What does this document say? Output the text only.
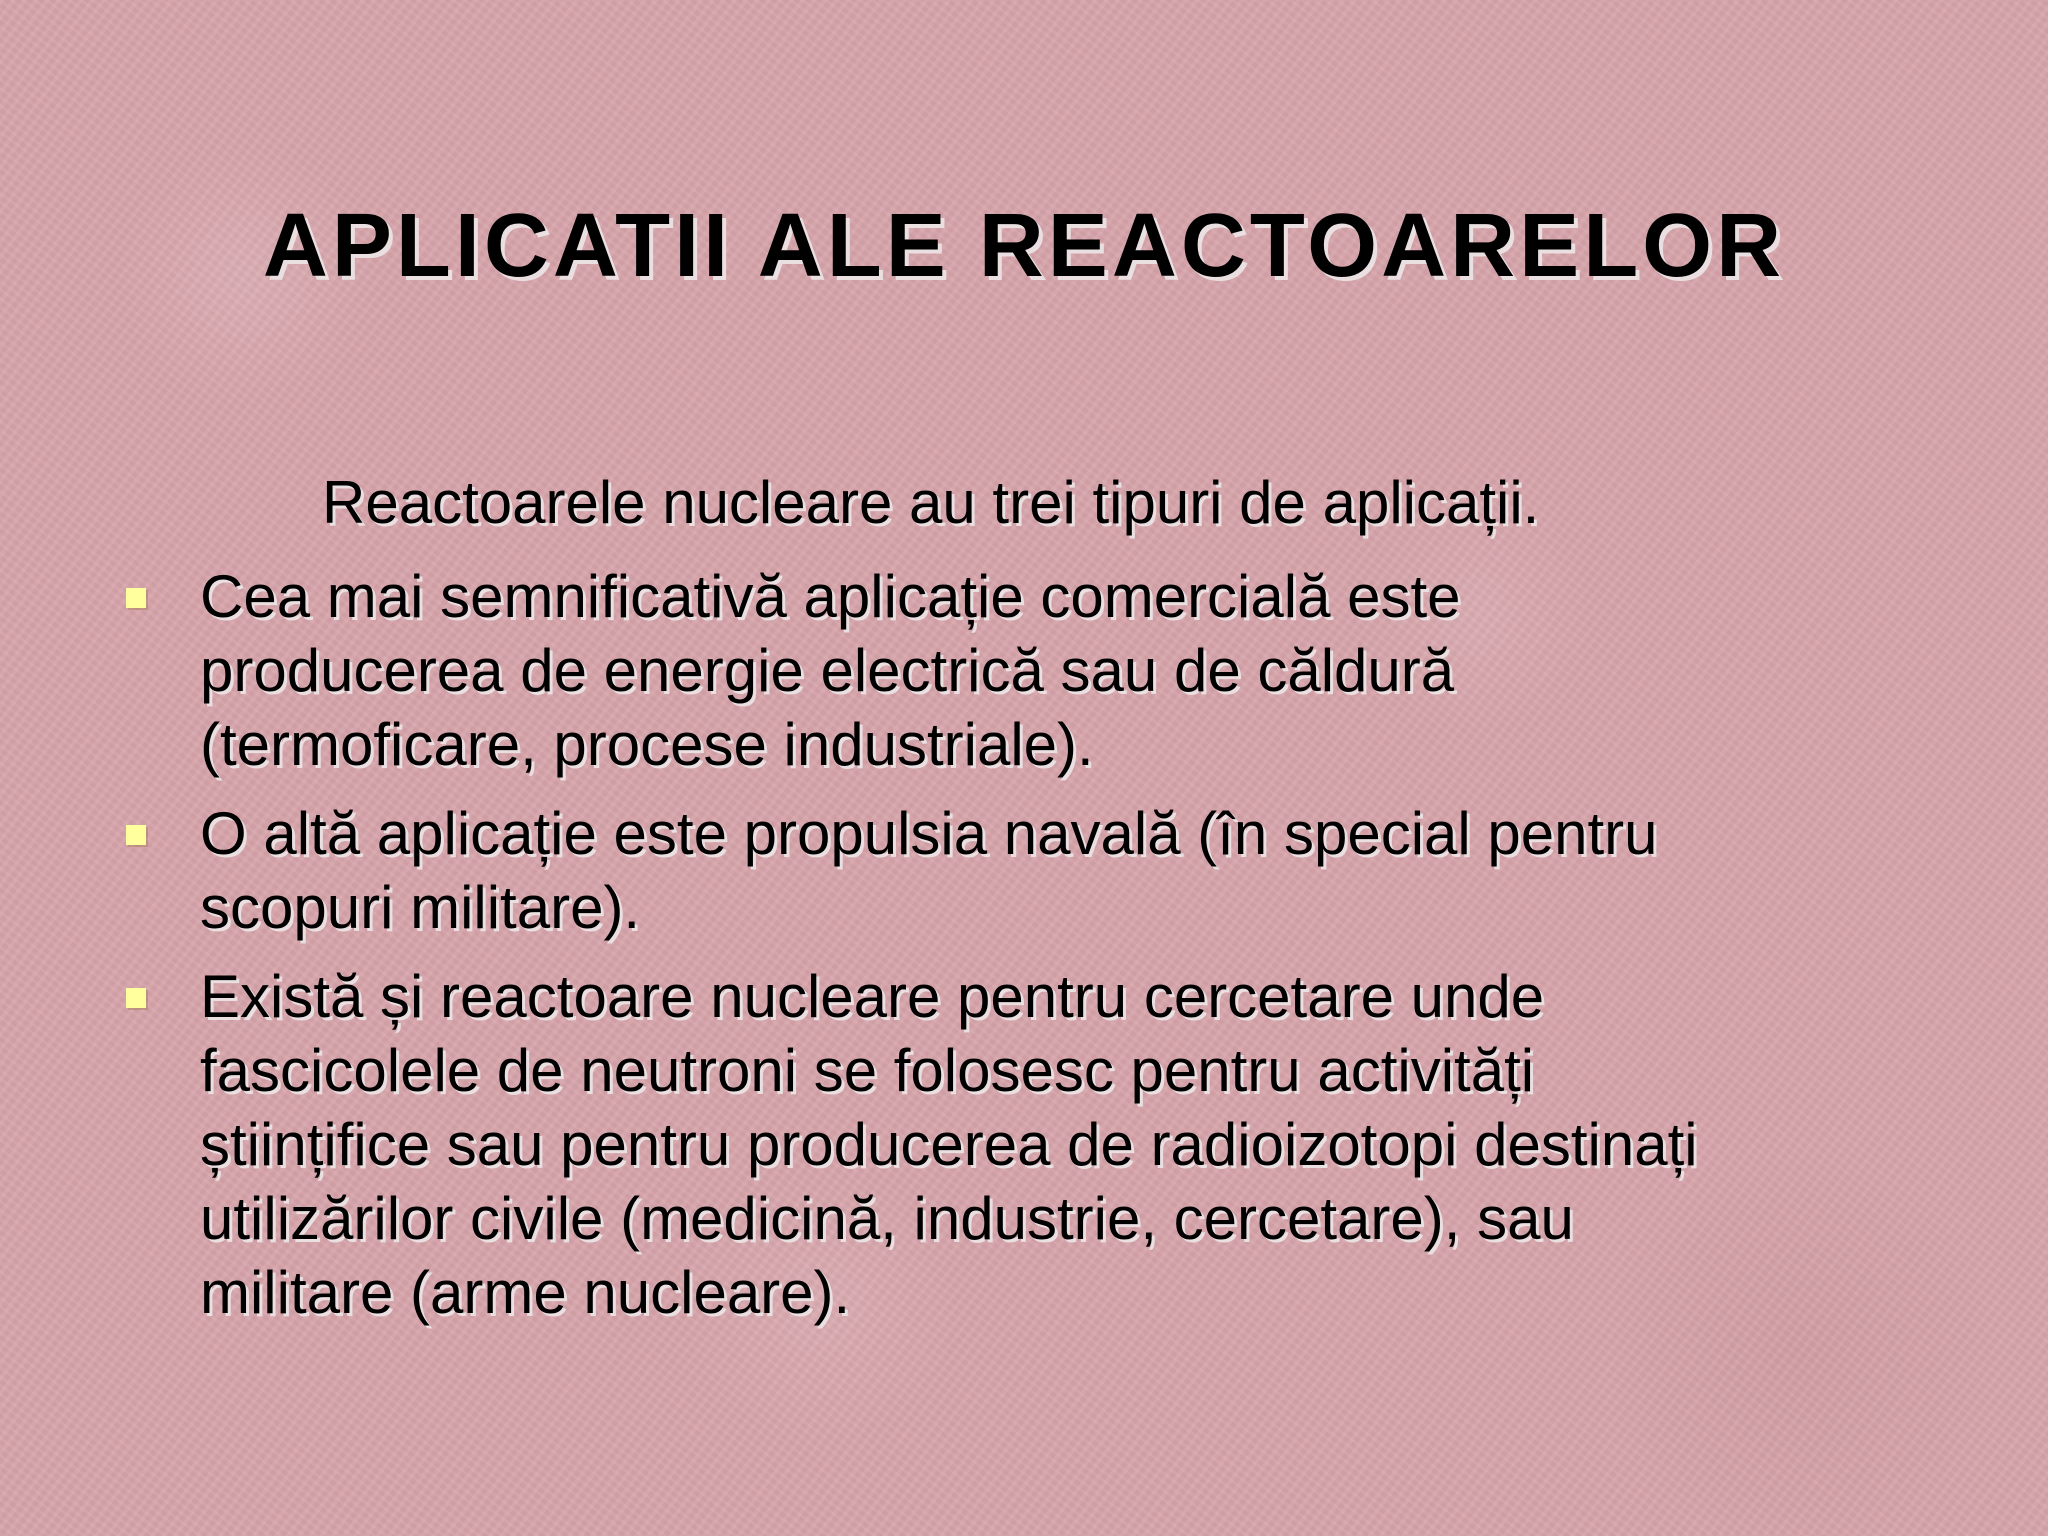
APLICATII ALE REACTOARELOR
Reactoarele nucleare au trei tipuri de aplicații.
Cea mai semnificativă aplicație comercială este
producerea de energie electrică sau de căldură
(termoficare, procese industriale).
O altă aplicație este propulsia navală (în special pentru
scopuri militare).
Există și reactoare nucleare pentru cercetare unde
fascicolele de neutroni se folosesc pentru activități
științifice sau pentru producerea de radioizotopi destinați
utilizărilor civile (medicină, industrie, cercetare), sau
militare (arme nucleare).
